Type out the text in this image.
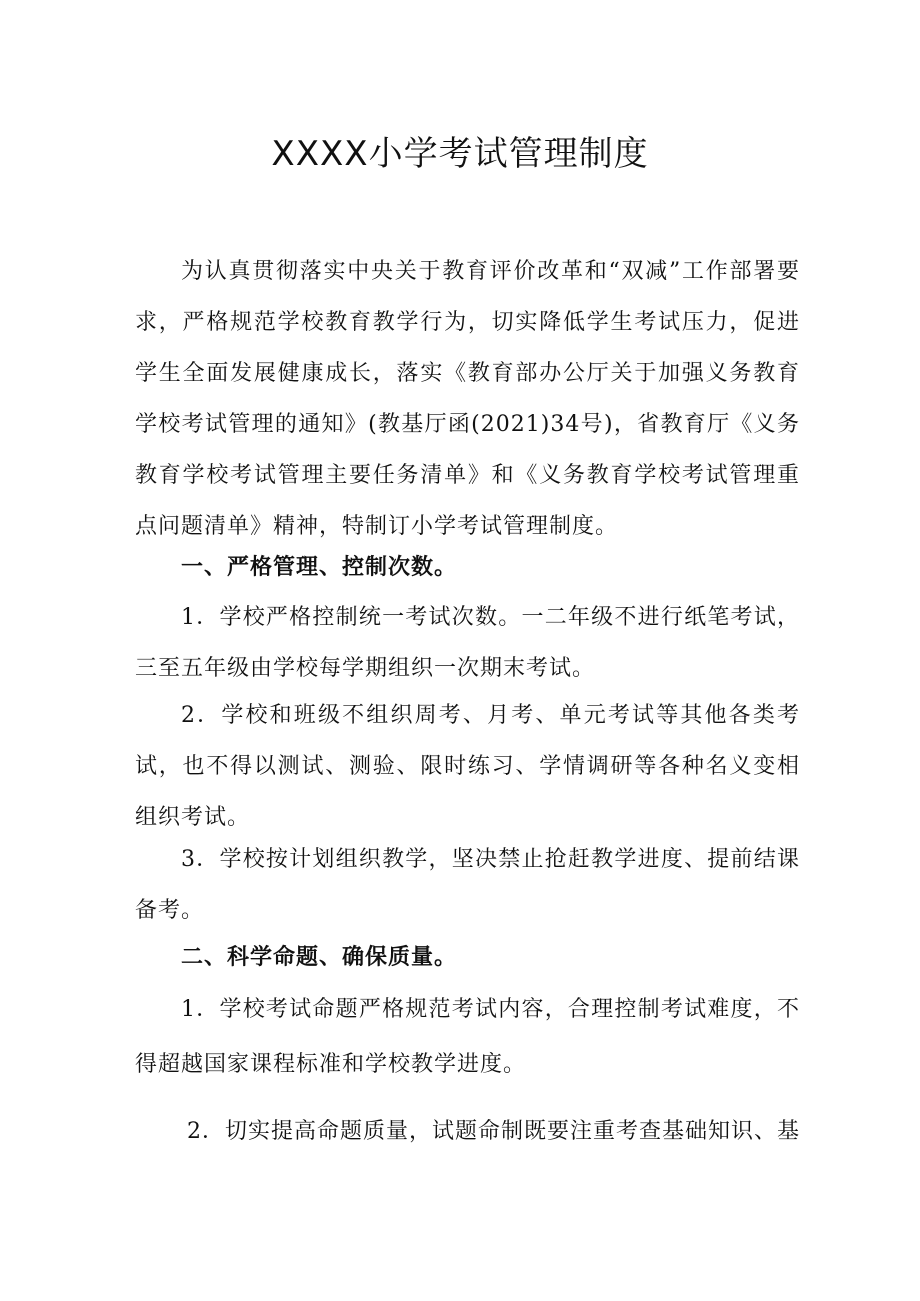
XXXX小学考试管理制度

为认真贯彻落实中央关于教育评价改革和“双减”工作部署要求，严格规范学校教育教学行为，切实降低学生考试压力，促进学生全面发展健康成长，落实《教育部办公厅关于加强义务教育学校考试管理的通知》(教基厅函(2021)34号)，省教育厅《义务教育学校考试管理主要任务清单》和《义务教育学校考试管理重点问题清单》精神，特制订小学考试管理制度。

一、严格管理、控制次数。

1．学校严格控制统一考试次数。一二年级不进行纸笔考试，三至五年级由学校每学期组织一次期末考试。

2．学校和班级不组织周考、月考、单元考试等其他各类考试，也不得以测试、测验、限时练习、学情调研等各种名义变相组织考试。

3．学校按计划组织教学，坚决禁止抢赶教学进度、提前结课备考。

二、科学命题、确保质量。

1．学校考试命题严格规范考试内容，合理控制考试难度，不得超越国家课程标准和学校教学进度。

2．切实提高命题质量，试题命制既要注重考查基础知识、基
